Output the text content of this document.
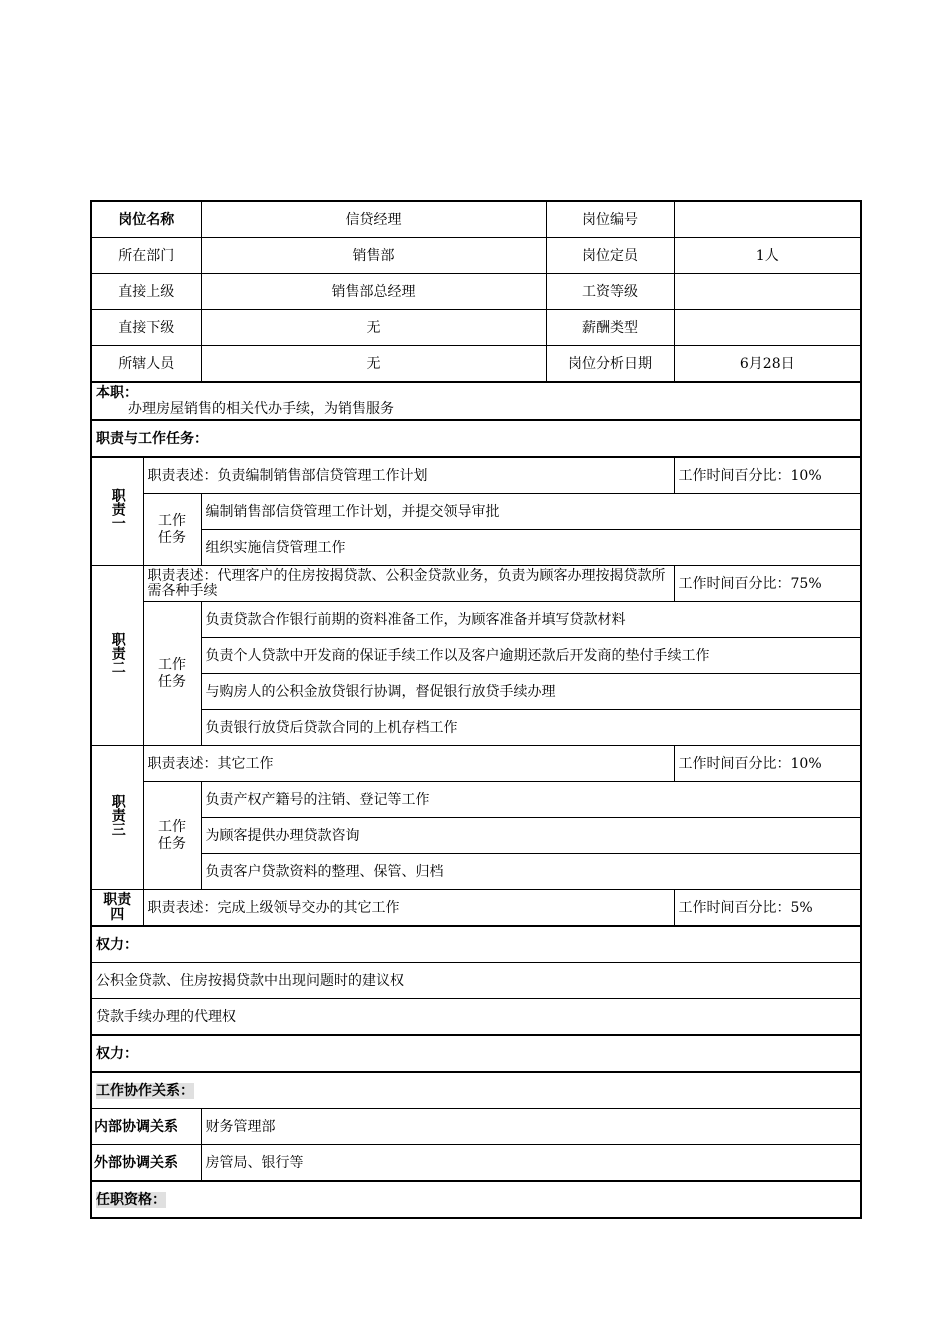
岗位名称		信贷经理	岗位编号	
所在部门		销售部	岗位定员	1人
直接上级		销售部总经理	工资等级	
直接下级		无	薪酬类型	
所辖人员		无	岗位分析日期	6月28日

本职：
办理房屋销售的相关代办手续，为销售服务				

职责与工作任务：				
职责一	职责表述：负责编制销售部信贷管理工作计划			工作时间百分比：10%

	工作任务	编制销售部信贷管理工作计划，并提交领导审批		
		组织实施信贷管理工作		
职责二	职责表述：代理客户的住房按揭贷款、公积金贷款业务，负责为顾客办理按揭贷款所需各种手续			工作时间百分比：75%

	工作任务	负责贷款合作银行前期的资料准备工作，为顾客准备并填写贷款材料		
		负责个人贷款中开发商的保证手续工作以及客户逾期还款后开发商的垫付手续工作		
		与购房人的公积金放贷银行协调，督促银行放贷手续办理		
		负责银行放贷后贷款合同的上机存档工作		
职责三	职责表述：其它工作			工作时间百分比：10%

	工作任务	负责产权产籍号的注销、登记等工作		
		为顾客提供办理贷款咨询		
		负责客户贷款资料的整理、保管、归档		

职责四	职责表述：完成上级领导交办的其它工作			工作时间百分比：5%
权力：				
公积金贷款、住房按揭贷款中出现问题时的建议权				
贷款手续办理的代理权				
权力：				
工作协作关系：				
内部协调关系		财务管理部		
外部协调关系		房管局、银行等		
任职资格：				
